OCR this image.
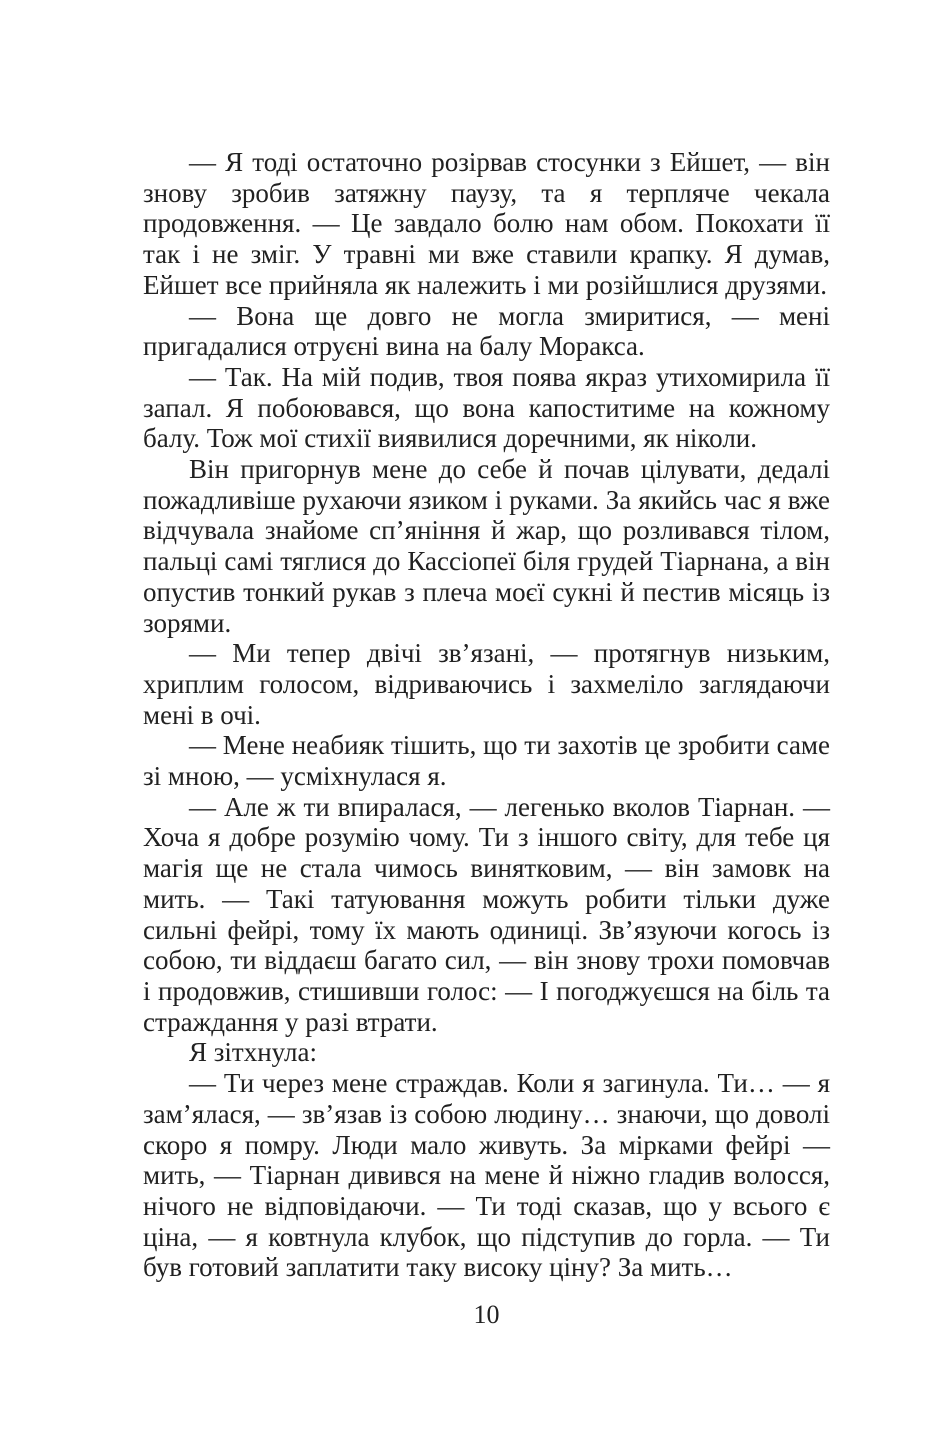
— Я тоді остаточно розірвав стосунки з Ейшет, — він знову зробив затяжну паузу, та я терпляче чекала продовження. — Це завдало болю нам обом. Покохати її так і не зміг. У травні ми вже ставили крапку. Я думав, Ейшет все прийняла як належить і ми розійшлися друзями.

— Вона ще довго не могла змиритися, — мені пригадалися отруєні вина на балу Моракса.

— Так. На мій подив, твоя поява якраз утихомирила її запал. Я побоювався, що вона капоститиме на кожному балу. Тож мої стихії виявилися доречними, як ніколи.

Він пригорнув мене до себе й почав цілувати, дедалі пожадливіше рухаючи язиком і руками. За якийсь час я вже відчувала знайоме сп’яніння й жар, що розливався тілом, пальці самі тяглися до Кассіопеї біля грудей Тіарнана, а він опустив тонкий рукав з плеча моєї сукні й пестив місяць із зорями.

— Ми тепер двічі зв’язані, — протягнув низьким, хриплим голосом, відриваючись і захмеліло заглядаючи мені в очі.

— Мене неабияк тішить, що ти захотів це зробити саме зі мною, — усміхнулася я.

— Але ж ти впиралася, — легенько вколов Тіарнан. — Хоча я добре розумію чому. Ти з іншого світу, для тебе ця магія ще не стала чимось винятковим, — він замовк на мить. — Такі татуювання можуть робити тільки дуже сильні фейрі, тому їх мають одиниці. Зв’язуючи когось із собою, ти віддаєш багато сил, — він знову трохи помовчав і продовжив, стишивши голос: — І погоджуєшся на біль та страждання у разі втрати.

Я зітхнула:

— Ти через мене страждав. Коли я загинула. Ти… — я зам’ялася, — зв’язав із собою людину… знаючи, що доволі скоро я помру. Люди мало живуть. За мірками фейрі — мить, — Тіарнан дивився на мене й ніжно гладив волосся, нічого не відповідаючи. — Ти тоді сказав, що у всього є ціна, — я ковтнула клубок, що підступив до горла. — Ти був готовий заплатити таку високу ціну? За мить…

10
